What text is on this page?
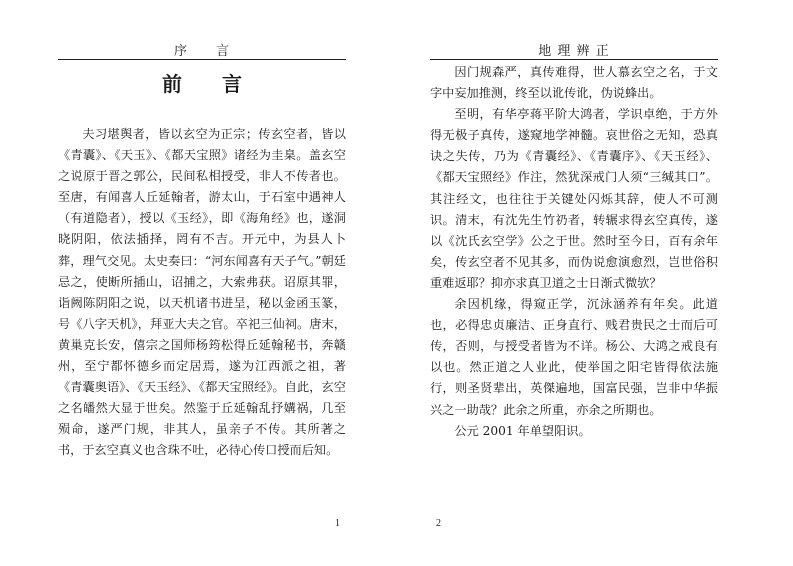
序　　言
前　　言

夫习堪舆者，皆以玄空为正宗；传玄空者，皆以《青囊》、《天玉》、《都天宝照》诸经为圭臬。盖玄空之说原于晋之郭公，民间私相授受，非人不传者也。至唐，有闻喜人丘延翰者，游太山，于石室中遇神人（有道隐者），授以《玉经》，即《海角经》也，遂洞晓阴阳，依法插择，罔有不吉。开元中，为县人卜葬，理气交见。太史奏曰：“河东闻喜有天子气。”朝廷忌之，使断所插山，诏捕之，大索弗获。诏原其罪，诣阙陈阴阳之说，以天机诸书进呈，秘以金函玉篆，号《八字天机》，拜亚大夫之官。卒祀三仙祠。唐末，黄巢克长安，僖宗之国师杨筠松得丘延翰秘书，奔赣州，至宁都怀德乡而定居焉，遂为江西派之祖，著《青囊奥语》、《天玉经》、《都天宝照经》。自此，玄空之名皤然大显于世矣。然鉴于丘延翰乱抒媾祸，几至殒命，遂严门规，非其人，虽亲子不传。其所著之书，于玄空真义也含珠不吐，必待心传口授而后知。

1
地 理 辨 正

因门规森严，真传难得，世人慕玄空之名，于文字中妄加推测，终至以讹传讹，伪说蜂出。

至明，有华亭蒋平阶大鸿者，学识卓绝，于方外得无极子真传，遂窥地学神髓。哀世俗之无知，恐真诀之失传，乃为《青囊经》、《青囊序》、《天玉经》、《都天宝照经》作注，然犹深戒门人须“三缄其口”。其注经文，也往往于关键处闪烁其辞，使人不可测识。清末，有沈先生竹礽者，转辗求得玄空真传，遂以《沈氏玄空学》公之于世。然时至今日，百有余年矣，传玄空者不见其多，而伪说愈演愈烈，岂世俗积重难返耶？抑亦求真卫道之士日渐式微欤？

余因机缘，得窥正学，沉泳涵养有年矣。此道也，必得忠贞廉洁、正身直行、贱君贵民之士而后可传，否则，与授受者皆为不详。杨公、大鸿之戒良有以也。然正道之人业此，使举国之阳宅皆得依法施行，则圣贤辈出，英傑遍地，国富民强，岂非中华振兴之一助哉？此余之所重，亦余之所期也。

公元 2001 年单望阳识。

2
